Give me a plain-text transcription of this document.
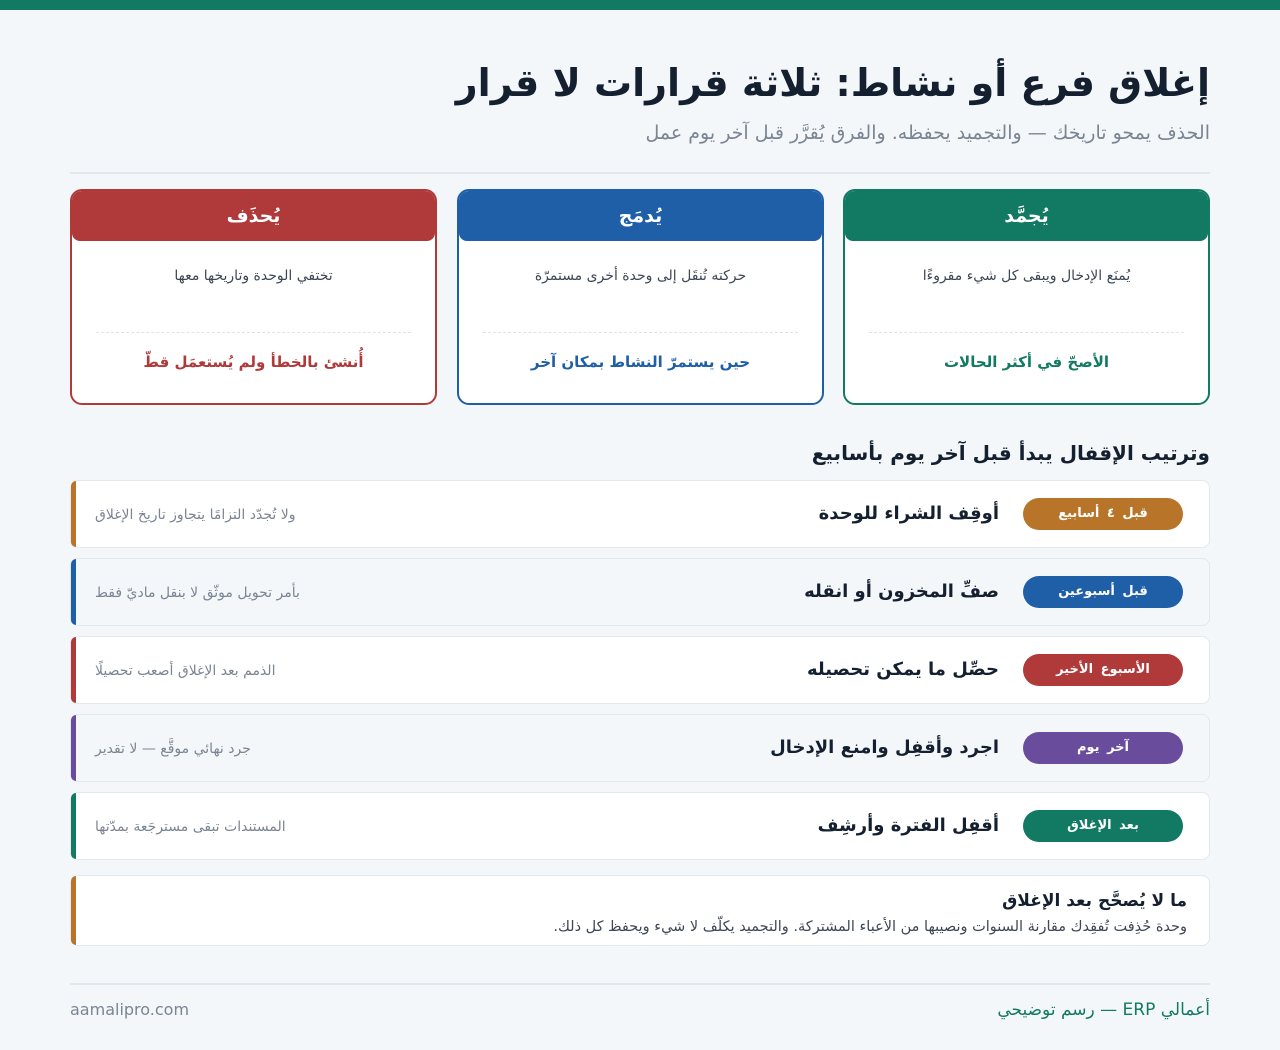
إغلاق فرع أو نشاط: ثلاثة قرارات لا قرار

الحذف يمحو تاريخك — والتجميد يحفظه. والفرق يُقرَّر قبل آخر يوم عمل

يُجمَّد
يُمنَع الإدخال ويبقى كل شيء مقروءًا
الأصحّ في أكثر الحالات
يُدمَج
حركته تُنقَل إلى وحدة أخرى مستمرّة
حين يستمرّ النشاط بمكان آخر
يُحذَف
تختفي الوحدة وتاريخها معها
أُنشئ بالخطأ ولم يُستعمَل قطّ
وترتيب الإقفال يبدأ قبل آخر يوم بأسابيع
قبل ٤ أسابيع
أوقِف الشراء للوحدة
ولا تُجدّد التزامًا يتجاوز تاريخ الإغلاق
قبل أسبوعين
صفِّ المخزون أو انقله
بأمر تحويل موثّق لا بنقل ماديّ فقط
الأسبوع الأخير
حصِّل ما يمكن تحصيله
الذمم بعد الإغلاق أصعب تحصيلًا
آخر يوم
اجرد وأقفِل وامنع الإدخال
جرد نهائي موقَّع — لا تقدير
بعد الإغلاق
أقفِل الفترة وأرشِف
المستندات تبقى مسترجَعة بمدّتها
ما لا يُصحَّح بعد الإغلاق
وحدة حُذِفت تُفقِدك مقارنة السنوات ونصيبها من الأعباء المشتركة. والتجميد يكلّف لا شيء ويحفظ كل ذلك.
أعمالي ERP — رسم توضيحي
aamalipro.com
